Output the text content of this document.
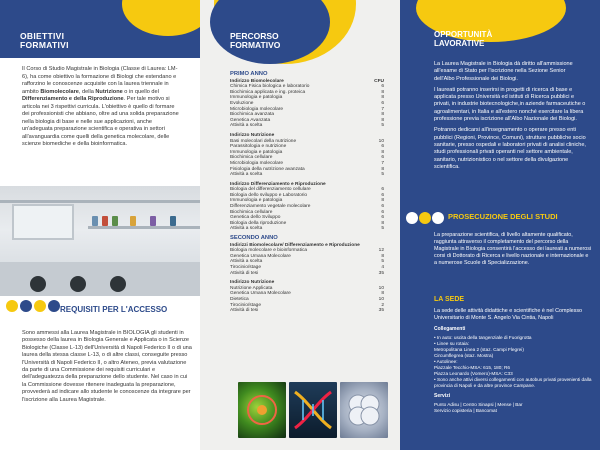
OBIETTIVI FORMATIVI
Il Corso di Studio Magistrale in Biologia (Classe di Laurea: LM-6), ha come obiettivo la formazione di Biologi che estendano e rafforzino le conoscenze acquisite con la laurea triennale in ambito Biomolecolare, della Nutrizione o in quello del Differenziamento e della Riproduzione. Per tale motivo si articola nei 3 rispettivi curricula. L'obiettivo è quello di formare dei professionisti che abbiano, oltre ad una solida preparazione nella biologia di base e nelle sue applicazioni, anche un'adeguata preparazione scientifica e operativa in settori all'avanguardia come quelli della genetica molecolare, delle scienze biomediche e della bioinformatica.
REQUISITI PER L'ACCESSO
Sono ammessi alla Laurea Magistrale in BIOLOGIA gli studenti in possesso della laurea in Biologia Generale e Applicata o in Scienze Biologiche (Classe L-13) dell'Università di Napoli Federico II o di una laurea della stessa classe L-13, o di altre classi, conseguite presso l'Università di Napoli Federico II, o altro Ateneo, previa valutazione da parte di una Commissione dei requisiti curriculari e dell'adeguatezza della preparazione dello studente. Nel caso in cui la Commissione dovesse ritenere inadeguata la preparazione, provvederà ad indicare allo studente le conoscenze da integrare per l'iscrizione alla Laurea Magistrale.
PERCORSO FORMATIVO
PRIMO ANNO
Indirizzo Biomolecolare	CFU
Chimica Fisica biologica e laboratorio	6
Biochimica applicata e ing. proteica	8
Immunologia e patologia	8
Evoluzione	6
Microbiologia molecolare	7
Biochimica avanzata	8
Genetica Avanzata	8
Attività a scelta	5
Indirizzo Nutrizione
Basi molecolari della nutrizione	10
Parassitologia e nutrizione	6
Immunologia e patologia	8
Biochimica cellulare	6
Microbiologia molecolare	7
Fisiologia della nutrizione avanzata	8
Attività a scelta	5
Indirizzo Differenziamento e Riproduzione
Biologia del differenziamento cellulare	6
Biologia dello sviluppo e Laboratorio	6
Immunologia e patologia	8
Differenziamento vegetale molecolare	6
Biochimica cellulare	6
Genetica dello Sviluppo	6
Biologia della riproduzione	8
Attività a scelta	5
SECONDO ANNO
Indirizzi Biomolecolare/ Differenziamento e Riproduzione
Biologia molecolare e bioinformatica	12
Genetica Umana Molecolare	8
Attività a scelta	5
Tirocinio/stage	4
Attività di tesi	35
Indirizzo Nutrizione
Nutrizione Applicata	10
Genetica Umana Molecolare	8
Dietetica	10
Tirocinio/stage	2
Attività di tesi	35
OPPORTUNITÀ LAVORATIVE

La Laurea Magistrale in Biologia dà diritto all'ammissione all'esame di Stato per l'iscrizione nella Sezione Senior dell'Albo Professionale dei Biologi.

I laureati potranno inserirsi in progetti di ricerca di base e applicata presso Università ed istituti di Ricerca pubblici e privati, in industrie biotecnologiche,in aziende farmaceutiche o agroalimentari, in Italia e all'estero nonché esercitare la libera professione previa iscrizione all'Albo Nazionale dei Biologi.

Potranno dedicarsi all'insegnamento o operare presso enti pubblici (Regioni, Province, Comuni), strutture pubbliche socio sanitarie, presso ospedali e laboratori privati di analisi cliniche, studi professionali privati operanti nel settore ambientale, sanitario, nutrizionistico o nel settore della divulgazione scientifica.

PROSECUZIONE DEGLI STUDI
La preparazione scientifica, di livello altamente qualificato, raggiunta attraverso il completamento del percorso della Magistrale in Biologia consentirà l'accesso dei laureati a numerosi corsi di Dottorato di Ricerca e livello nazionale e internazionale e a numerose Scuole di Specializzazione.
LA SEDE
La sede delle attività didattiche e scientifiche è nel Complesso Universitario di Monte S. Angelo Via Cintia, Napoli
Collegamenti
• In auto: uscita della tangenziale di Fuorigrotta
• Linee su rotaia:
Metropolitana Linea 2 (staz. Campi Flegrei)
Circumflegrea (staz. Mostra)
• Autolinee:
Piazzale Tecchio-MSA: 615, 180; R6
Piazza Leonardo (Vomero)-MSA: C33
• Sono anche attivi diversi collegamenti con autobus privati provenienti dalla provincia di Napoli e da altre province Campane.
Servizi
Punto Adisu | Centro Sinapsi | Mense | Bar
Servizio copisteria | Bancomat
